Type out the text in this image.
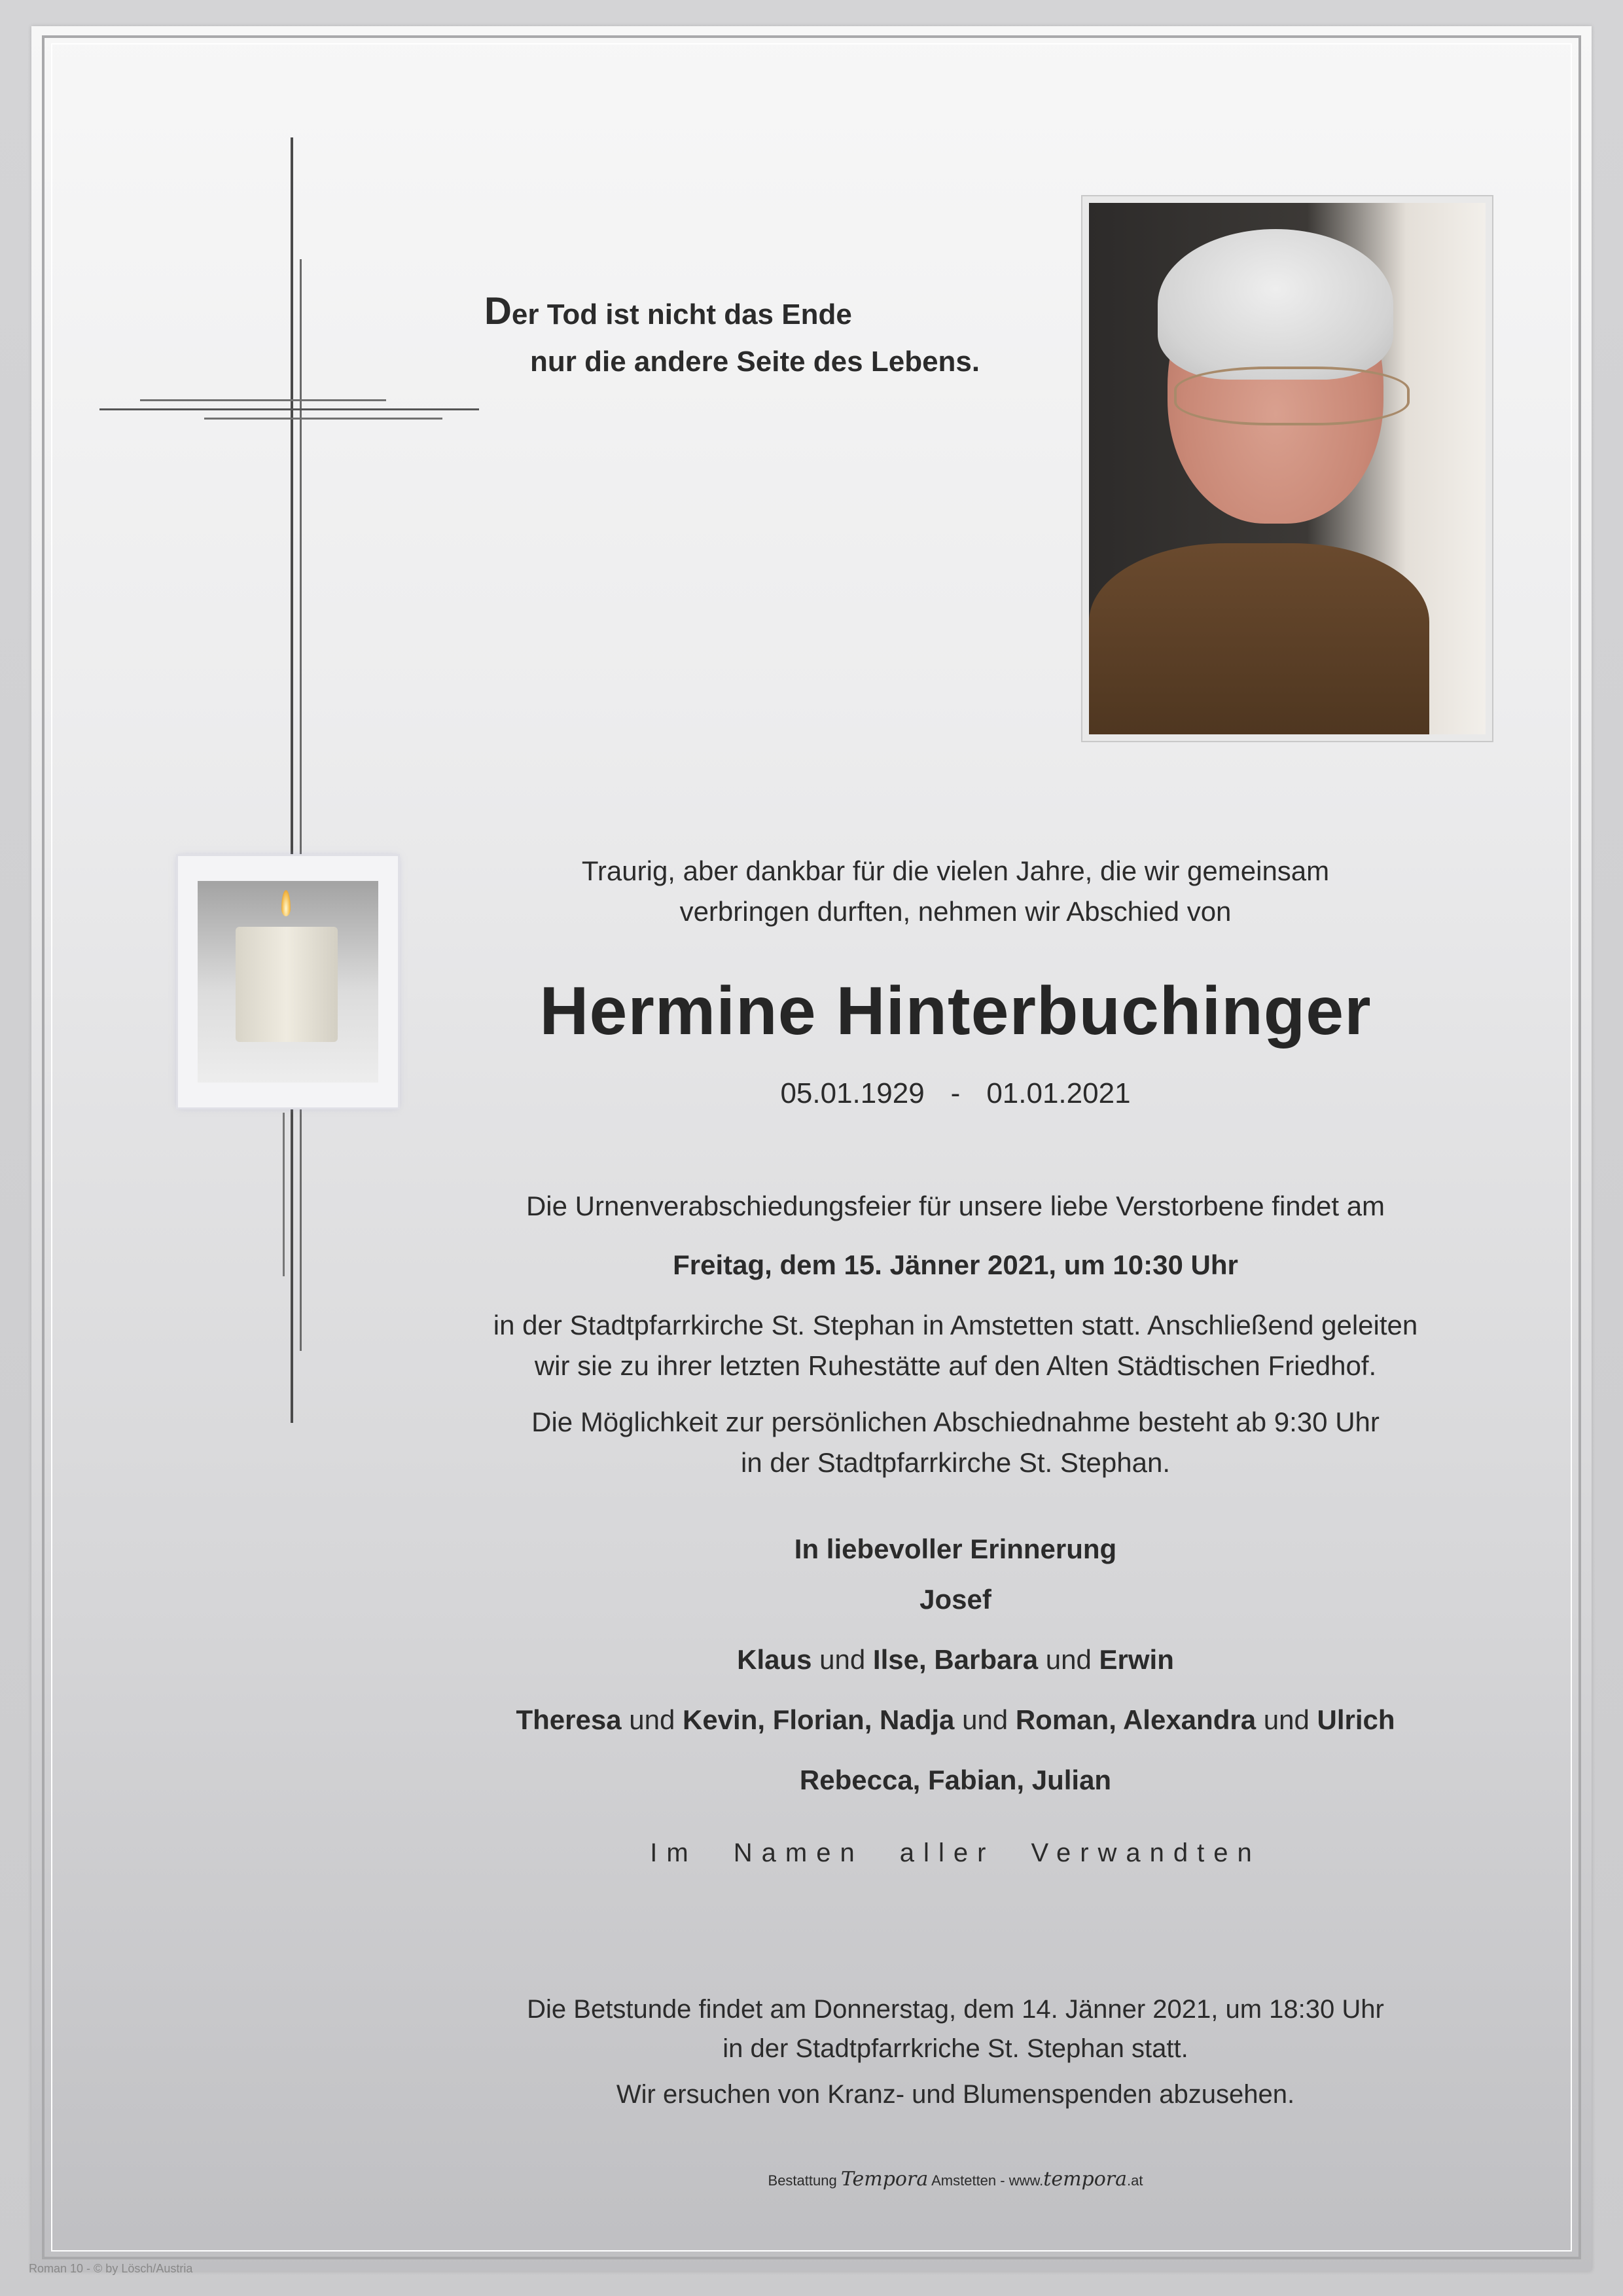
Der Tod ist nicht das Ende
nur die andere Seite des Lebens.
Traurig, aber dankbar für die vielen Jahre, die wir gemeinsam
verbringen durften, nehmen wir Abschied von
Hermine Hinterbuchinger
05.01.1929 - 01.01.2021
Die Urnenverabschiedungsfeier für unsere liebe Verstorbene findet am
Freitag, dem 15. Jänner 2021, um 10:30 Uhr
in der Stadtpfarrkirche St. Stephan in Amstetten statt. Anschließend geleiten
wir sie zu ihrer letzten Ruhestätte auf den Alten Städtischen Friedhof.
Die Möglichkeit zur persönlichen Abschiednahme besteht ab 9:30 Uhr
in der Stadtpfarrkirche St. Stephan.
In liebevoller Erinnerung
Josef
Klaus und Ilse, Barbara und Erwin
Theresa und Kevin, Florian, Nadja und Roman, Alexandra und Ulrich
Rebecca, Fabian, Julian
Im Namen aller Verwandten
Die Betstunde findet am Donnerstag, dem 14. Jänner 2021, um 18:30 Uhr
in der Stadtpfarrkriche St. Stephan statt.
Wir ersuchen von Kranz- und Blumenspenden abzusehen.
Bestattung Tempora Amstetten - www.tempora.at
Roman 10 - © by Lösch/Austria
